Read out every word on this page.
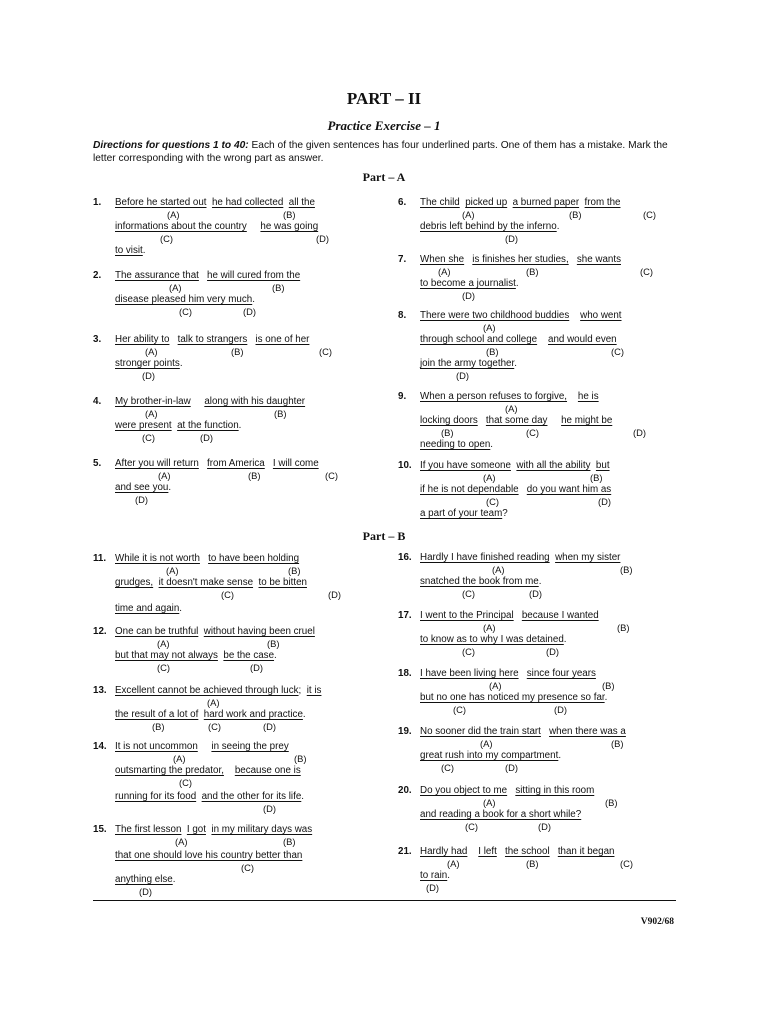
PART – II
Practice Exercise – 1
Directions for questions 1 to 40: Each of the given sentences has four underlined parts. One of them has a mistake. Mark the letter corresponding with the wrong part as answer.
Part – A
Part – B
1. Before he started out he had collected all the
(A)	(B)
informations about the country he was going
(C)	(D)
to visit.
2. The assurance that he will cured from the
(A)	(B)
disease pleased him very much.
(C)	(D)
3. Her ability to talk to strangers is one of her
(A)	(B)	(C)
stronger points.
(D)
4. My brother-in-law along with his daughter
(A)	(B)
were present at the function.
(C)	(D)
5. After you will return from America I will come
(A)	(B)	(C)
and see you.
(D)
6. The child picked up a burned paper from the
(A)	(B)	(C)
debris left behind by the inferno.
(D)
7. When she is finishes her studies, she wants
(A)	(B)	(C)
to become a journalist.
(D)
8. There were two childhood buddies who went
(A)
through school and college and would even
(B)	(C)
join the army together.
(D)
9. When a person refuses to forgive, he is
(A)
locking doors that some day he might be
(B)	(C)	(D)
needing to open.
10. If you have someone with all the ability but
(A)	(B)
if he is not dependable do you want him as
(C)	(D)
a part of your team?
11. While it is not worth to have been holding
(A)	(B)
grudges, it doesn't make sense to be bitten
(C)	(D)
time and again.
12. One can be truthful without having been cruel
(A)	(B)
but that may not always be the case.
(C)	(D)
13. Excellent cannot be achieved through luck; it is
(A)
the result of a lot of hard work and practice.
(B)	(C)	(D)
14. It is not uncommon in seeing the prey
(A)	(B)
outsmarting the predator, because one is
(C)
running for its food and the other for its life.
(D)
15. The first lesson I got in my military days was
(A)	(B)
that one should love his country better than
(C)
anything else.
(D)
16. Hardly I have finished reading when my sister
(A)	(B)
snatched the book from me.
(C)	(D)
17. I went to the Principal because I wanted
(A)	(B)
to know as to why I was detained.
(C)	(D)
18. I have been living here since four years
(A)	(B)
but no one has noticed my presence so far.
(C)	(D)
19. No sooner did the train start when there was a
(A)	(B)
great rush into my compartment.
(C)	(D)
20. Do you object to me sitting in this room
(A)	(B)
and reading a book for a short while?
(C)	(D)
21. Hardly had I left the school than it began
(A)	(B)	(C)
to rain.
(D)
V902/68
